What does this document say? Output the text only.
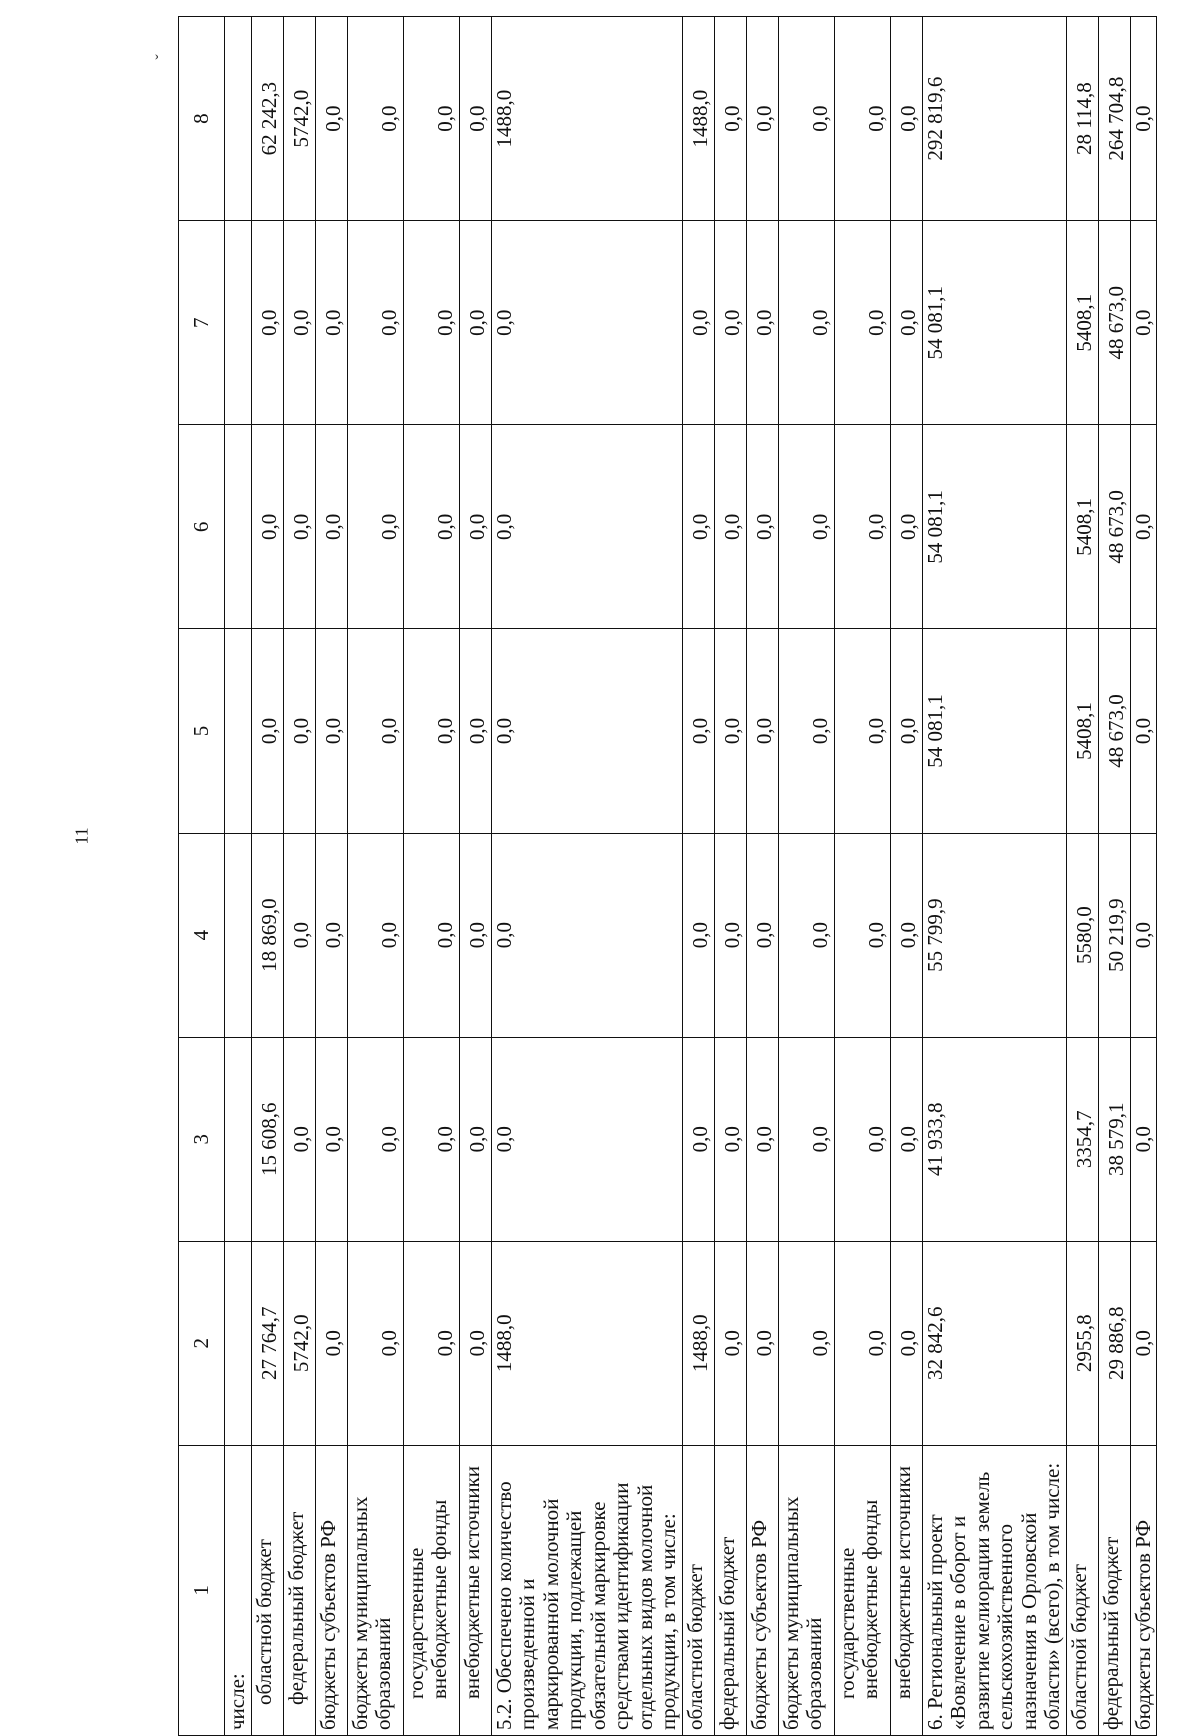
11
ˇ
1	2	3	4	5	6	7	8
числе:							
областной бюджет	27 764,7	15 608,6	18 869,0	0,0	0,0	0,0	62 242,3
федеральный бюджет	5742,0	0,0	0,0	0,0	0,0	0,0	5742,0
бюджеты субъектов РФ	0,0	0,0	0,0	0,0	0,0	0,0	0,0
бюджеты муниципальных образований	0,0	0,0	0,0	0,0	0,0	0,0	0,0
государственные внебюджетные фонды	0,0	0,0	0,0	0,0	0,0	0,0	0,0
внебюджетные источники	0,0	0,0	0,0	0,0	0,0	0,0	0,0
5.2. Обеспечено количество произведенной и маркированной молочной продукции, подлежащей обязательной маркировке средствами идентификации отдельных видов молочной продукции, в том числе:	1488,0	0,0	0,0	0,0	0,0	0,0	1488,0
областной бюджет	1488,0	0,0	0,0	0,0	0,0	0,0	1488,0
федеральный бюджет	0,0	0,0	0,0	0,0	0,0	0,0	0,0
бюджеты субъектов РФ	0,0	0,0	0,0	0,0	0,0	0,0	0,0
бюджеты муниципальных образований	0,0	0,0	0,0	0,0	0,0	0,0	0,0
государственные внебюджетные фонды	0,0	0,0	0,0	0,0	0,0	0,0	0,0
внебюджетные источники	0,0	0,0	0,0	0,0	0,0	0,0	0,0
6. Региональный проект «Вовлечение в оборот и развитие мелиорации земель сельскохозяйственного назначения в Орловской области» (всего), в том числе:	32 842,6	41 933,8	55 799,9	54 081,1	54 081,1	54 081,1	292 819,6
областной бюджет	2955,8	3354,7	5580,0	5408,1	5408,1	5408,1	28 114,8
федеральный бюджет	29 886,8	38 579,1	50 219,9	48 673,0	48 673,0	48 673,0	264 704,8
бюджеты субъектов РФ	0,0	0,0	0,0	0,0	0,0	0,0	0,0
